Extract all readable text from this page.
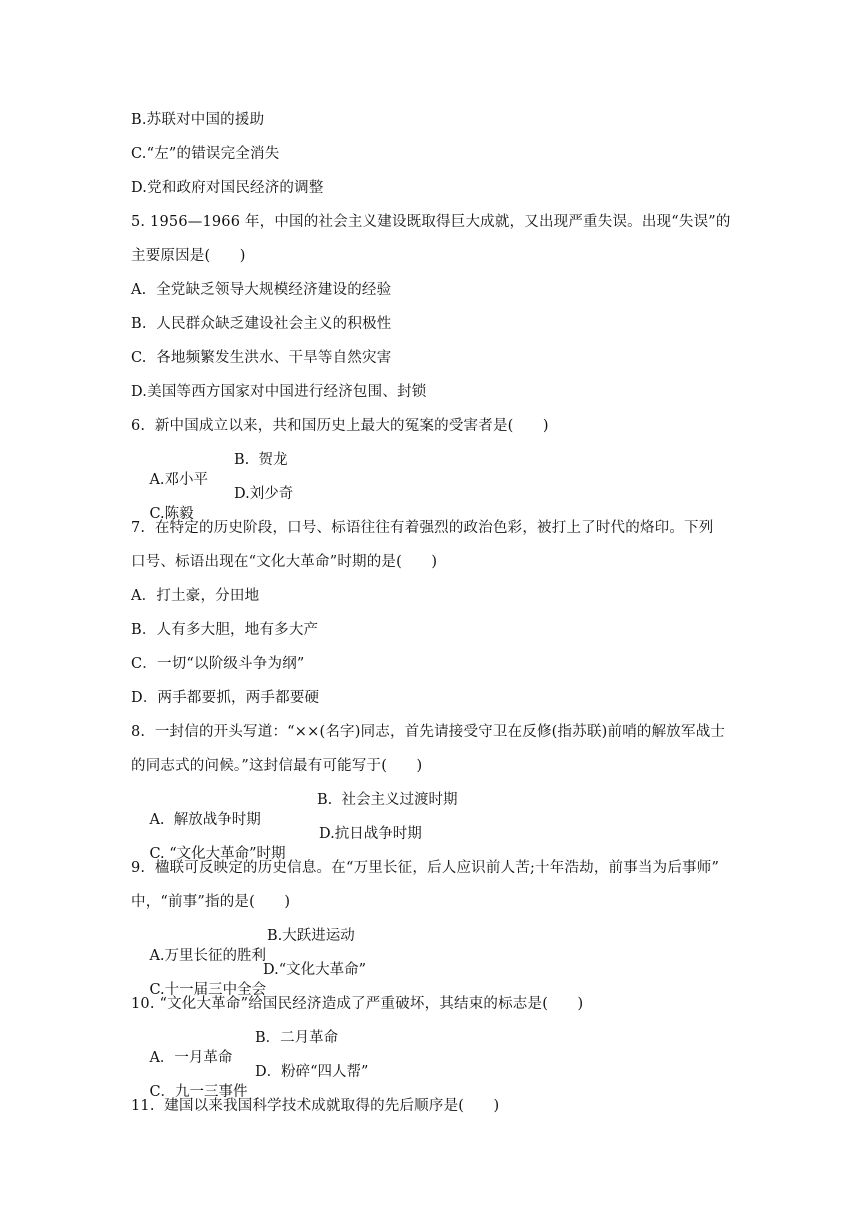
B.苏联对中国的援助
C.“左”的错误完全消失
D.党和政府对国民经济的调整
5. 1956—1966 年，中国的社会主义建设既取得巨大成就，又出现严重失误。出现“失误”的
主要原因是(　　)
A.  全党缺乏领导大规模经济建设的经验
B.  人民群众缺乏建设社会主义的积极性
C.  各地频繁发生洪水、干旱等自然灾害
D.美国等西方国家对中国进行经济包围、封锁
6.  新中国成立以来，共和国历史上最大的冤案的受害者是(　　)

A.邓小平

B.  贺龙

C.陈毅

D.刘少奇

7.  在特定的历史阶段，口号、标语往往有着强烈的政治色彩，被打上了时代的烙印。下列
口号、标语出现在“文化大革命”时期的是(　　)
A．打土豪，分田地
B．人有多大胆，地有多大产
C．一切“以阶级斗争为纲”
D．两手都要抓，两手都要硬
8.  一封信的开头写道：“××(名字)同志，首先请接受守卫在反修(指苏联)前哨的解放军战士
的同志式的问候。”这封信最有可能写于(　　)

A.  解放战争时期

B.  社会主义过渡时期

C. “文化大革命”时期

D.抗日战争时期

9.  楹联可反映定的历史信息。在“万里长征，后人应识前人苦;十年浩劫，前事当为后事师”
中，“前事”指的是(　　)

A.万里长征的胜利

B.大跃进运动

C.十一届三中全会

D.“文化大革命”

10. “文化大革命”给国民经济造成了严重破坏，其结束的标志是(　　)

A．一月革命

B．二月革命

C．九一三事件

D．粉碎“四人帮”

11.  建国以来我国科学技术成就取得的先后顺序是(　　)
